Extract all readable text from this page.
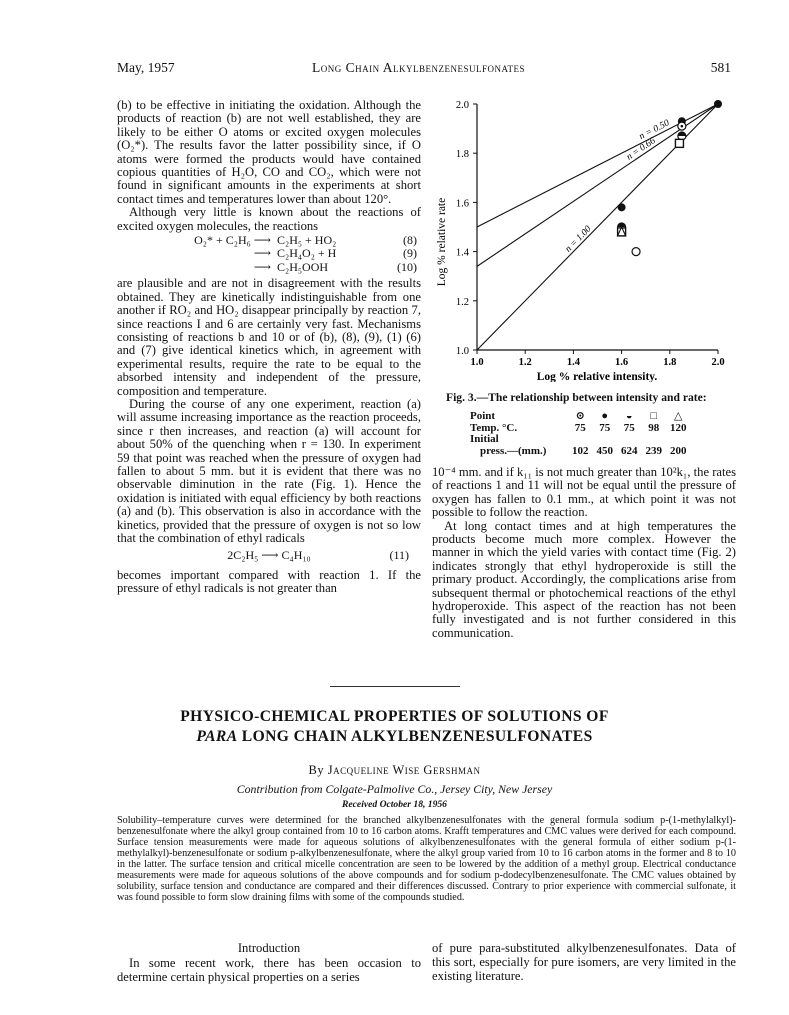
May, 1957	Long Chain Alkylbenzenesulfonates	581

(b) to be effective in initiating the oxidation. Although the products of reaction (b) are not well established, they are likely to be either O atoms or excited oxygen molecules (O₂*). The results favor the latter possibility since, if O atoms were formed the products would have contained copious quantities of H₂O, CO and CO₂, which were not found in significant amounts in the experiments at short contact times and temperatures lower than about 120°.

Although very little is known about the reactions of excited oxygen molecules, the reactions

O₂* + C₂H₆ ⟶ C₂H₅ + HO₂	(8)
⟶ C₂H₄O₂ + H	(9)
⟶ C₂H₅OOH	(10)

are plausible and are not in disagreement with the results obtained. They are kinetically indistinguishable from one another if RO₂ and HO₂ disappear principally by reaction 7, since reactions I and 6 are certainly very fast. Mechanisms consisting of reactions b and 10 or of (b), (8), (9), (1) (6) and (7) give identical kinetics which, in agreement with experimental results, require the rate to be equal to the absorbed intensity and independent of the pressure, composition and temperature.

During the course of any one experiment, reaction (a) will assume increasing importance as the reaction proceeds, since r then increases, and reaction (a) will account for about 50% of the quenching when r = 130. In experiment 59 that point was reached when the pressure of oxygen had fallen to about 5 mm. but it is evident that there was no observable diminution in the rate (Fig. 1). Hence the oxidation is initiated with equal efficiency by both reactions (a) and (b). This observation is also in accordance with the kinetics, provided that the pressure of oxygen is not so low that the combination of ethyl radicals

2C₂H₅ ⟶ C₄H₁₀	(11)

becomes important compared with reaction 1. If the pressure of ethyl radicals is not greater than

1.0	1.2	1.4	1.6	1.8	2.0
1.0
1.2
1.4
1.6
1.8
2.0
n = 0.50
n = 0.66
n = 1.00
Log % relative intensity.
Log % relative rate
Fig. 3.—The relationship between intensity and rate:
Point	⊙	●	◒	□	△
Temp. °C.	75	75	75	98	120
Initial					
press.—(mm.)	102	450	624	239	200

10⁻⁴ mm. and if k₁₁ is not much greater than 10²k₁, the rates of reactions 1 and 11 will not be equal until the pressure of oxygen has fallen to 0.1 mm., at which point it was not possible to follow the reaction.

At long contact times and at high temperatures the products become much more complex. However the manner in which the yield varies with contact time (Fig. 2) indicates strongly that ethyl hydroperoxide is still the primary product. Accordingly, the complications arise from subsequent thermal or photochemical reactions of the ethyl hydroperoxide. This aspect of the reaction has not been fully investigated and is not further considered in this communication.

PHYSICO-CHEMICAL PROPERTIES OF SOLUTIONS OF
PARA LONG CHAIN ALKYLBENZENESULFONATES
By Jacqueline Wise Gershman
Contribution from Colgate-Palmolive Co., Jersey City, New Jersey
Received October 18, 1956
Solubility–temperature curves were determined for the branched alkylbenzenesulfonates with the general formula sodium p-(1-methylalkyl)-benzenesulfonate where the alkyl group contained from 10 to 16 carbon atoms. Krafft temperatures and CMC values were derived for each compound. Surface tension measurements were made for aqueous solutions of alkylbenzenesulfonates with the general formula of either sodium p-(1-methylalkyl)-benzenesulfonate or sodium p-alkylbenzenesulfonate, where the alkyl group varied from 10 to 16 carbon atoms in the former and 8 to 10 in the latter. The surface tension and critical micelle concentration are seen to be lowered by the addition of a methyl group. Electrical conductance measurements were made for aqueous solutions of the above compounds and for sodium p-dodecylbenzenesulfonate. The CMC values obtained by solubility, surface tension and conductance are compared and their differences discussed. Contrary to prior experience with commercial sulfonate, it was found possible to form slow draining films with some of the compounds studied.
Introduction
In some recent work, there has been occasion to determine certain physical properties on a series
of pure para-substituted alkylbenzenesulfonates. Data of this sort, especially for pure isomers, are very limited in the existing literature.
